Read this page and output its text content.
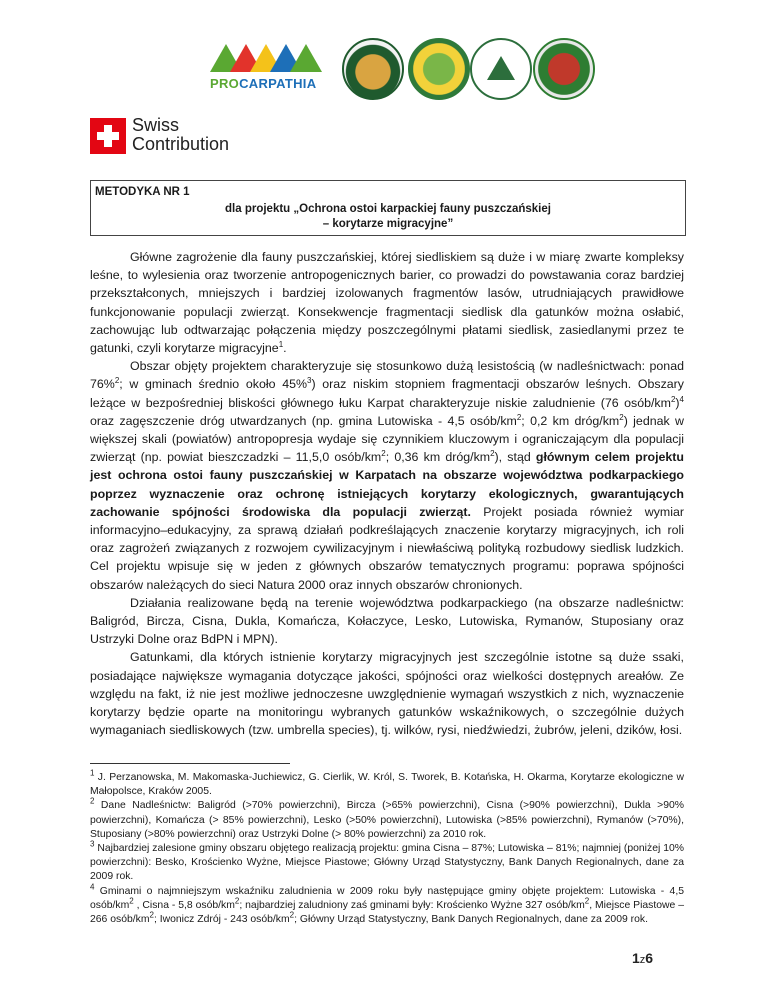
PROCARPATHIA
Swiss
Contribution
METODYKA NR 1
dla projektu „Ochrona ostoi karpackiej fauny puszczańskiej
– korytarze migracyjne”

Główne zagrożenie dla fauny puszczańskiej, której siedliskiem są duże i w miarę zwarte kompleksy leśne, to wylesienia oraz tworzenie antropogenicznych barier, co prowadzi do powstawania coraz bardziej przekształconych, mniejszych i bardziej izolowanych fragmentów lasów, utrudniających prawidłowe funkcjonowanie populacji zwierząt. Konsekwencje fragmentacji siedlisk dla gatunków można osłabić, zachowując lub odtwarzając połączenia między poszczególnymi płatami siedlisk, zasiedlanymi przez te gatunki, czyli korytarze migracyjne$^1$.

Obszar objęty projektem charakteryzuje się stosunkowo dużą lesistością (w nadleśnictwach: ponad 76%$^2$; w gminach średnio około 45%$^3$) oraz niskim stopniem fragmentacji obszarów leśnych. Obszary leżące w bezpośredniej bliskości głównego łuku Karpat charakteryzuje niskie zaludnienie (76 osób/$km^2)^4$ oraz zagęszczenie dróg utwardzanych (np. gmina Lutowiska - 4,5 osób/$km^2$; 0,2 km dróg/$km^2$) jednak w większej skali (powiatów) antropopresja wydaje się czynnikiem kluczowym i ograniczającym dla populacji zwierząt (np. powiat bieszczadzki – 11,5,0 osób/$km^2$; 0,36 km dróg/$km^2$), stąd głównym celem projektu jest ochrona ostoi fauny puszczańskiej w Karpatach na obszarze województwa podkarpackiego poprzez wyznaczenie oraz ochronę istniejących korytarzy ekologicznych, gwarantujących zachowanie spójności środowiska dla populacji zwierząt. Projekt posiada również wymiar informacyjno–edukacyjny, za sprawą działań podkreślających znaczenie korytarzy migracyjnych, ich roli oraz zagrożeń związanych z rozwojem cywilizacyjnym i niewłaściwą polityką rozbudowy siedlisk ludzkich. Cel projektu wpisuje się w jeden z głównych obszarów tematycznych programu: poprawa spójności obszarów należących do sieci Natura 2000 oraz innych obszarów chronionych.

Działania realizowane będą na terenie województwa podkarpackiego (na obszarze nadleśnictw: Baligród, Bircza, Cisna, Dukla, Komańcza, Kołaczyce, Lesko, Lutowiska, Rymanów, Stuposiany oraz Ustrzyki Dolne oraz BdPN i MPN).

Gatunkami, dla których istnienie korytarzy migracyjnych jest szczególnie istotne są duże ssaki, posiadające największe wymagania dotyczące jakości, spójności oraz wielkości dostępnych areałów. Ze względu na fakt, iż nie jest możliwe jednoczesne uwzględnienie wymagań wszystkich z nich, wyznaczenie korytarzy będzie oparte na monitoringu wybranych gatunków wskaźnikowych, o szczególnie dużych wymaganiach siedliskowych (tzw. umbrella species), tj. wilków, rysi, niedźwiedzi, żubrów, jeleni, dzików, łosi.

$^1$ J. Perzanowska, M. Makomaska-Juchiewicz, G. Cierlik, W. Król, S. Tworek, B. Kotańska, H. Okarma, Korytarze ekologiczne w Małopolsce, Kraków 2005.

$^2$ Dane Nadleśnictw: Baligród (>70% powierzchni), Bircza (>65% powierzchni), Cisna (>90% powierzchni), Dukla >90% powierzchni), Komańcza (> 85% powierzchni), Lesko (>50% powierzchni), Lutowiska (>85% powierzchni), Rymanów (>70%), Stuposiany (>80% powierzchni) oraz Ustrzyki Dolne (> 80% powierzchni) za 2010 rok.

$^3$ Najbardziej zalesione gminy obszaru objętego realizacją projektu: gmina Cisna – 87%; Lutowiska – 81%; najmniej (poniżej 10% powierzchni): Besko, Krościenko Wyżne, Miejsce Piastowe; Główny Urząd Statystyczny, Bank Danych Regionalnych, dane za 2009 rok.

$^4$ Gminami o najmniejszym wskaźniku zaludnienia w 2009 roku były następujące gminy objęte projektem: Lutowiska - 4,5 osób/$km^2$ , Cisna - 5,8 osób/$km^2$; najbardziej zaludniony zaś gminami były: Krościenko Wyżne 327 osób/$km^2$, Miejsce Piastowe – 266 osób/$km^2$; Iwonicz Zdrój - 243 osób/$km^2$; Główny Urząd Statystyczny, Bank Danych Regionalnych, dane za 2009 rok.

1z6
